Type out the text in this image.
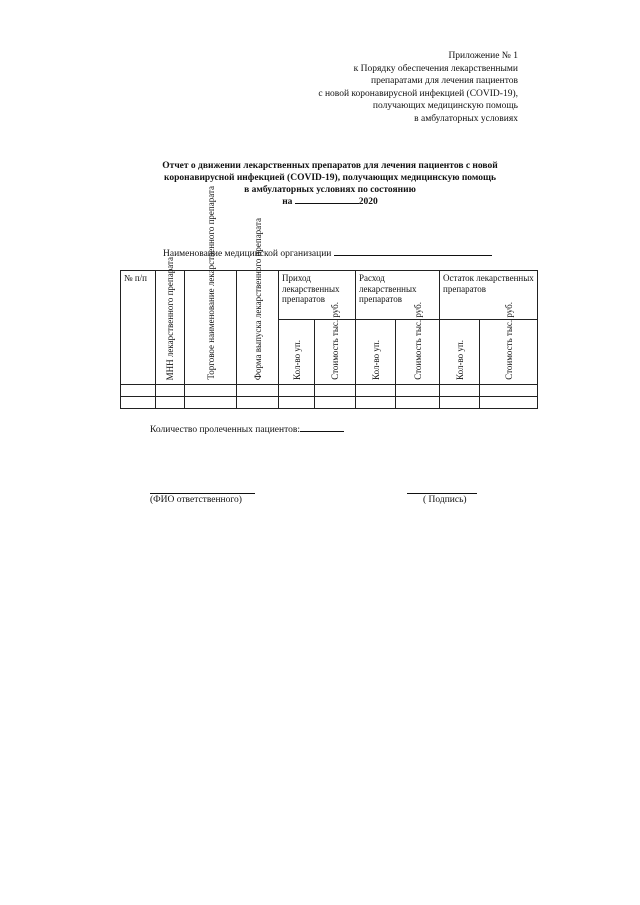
Приложение № 1
к Порядку обеспечения лекарственными
препаратами для лечения пациентов
с новой коронавирусной инфекцией (COVID-19),
получающих медицинскую помощь
в амбулаторных условиях
Отчет о движении лекарственных препаратов для лечения пациентов с новой
коронавирусной инфекцией (COVID-19), получающих медицинскую помощь
в амбулаторных условиях по состоянию
на	2020
Наименование медицинской организации
№ п/п	МНН лекарственного препарата	Торговое наименование лекарственного препарата	Форма выпуска лекарственного препарата	Приход лекарственных препаратов		Расход лекарственных препаратов		Остаток лекарственных препаратов	

				Кол-во уп.	Стоимость тыс. руб.	Кол-во уп.	Стоимость тыс. руб.	Кол-во уп.	Стоимость тыс. руб.

Количество пролеченных пациентов:
(ФИО ответственного)	( Подпись)
